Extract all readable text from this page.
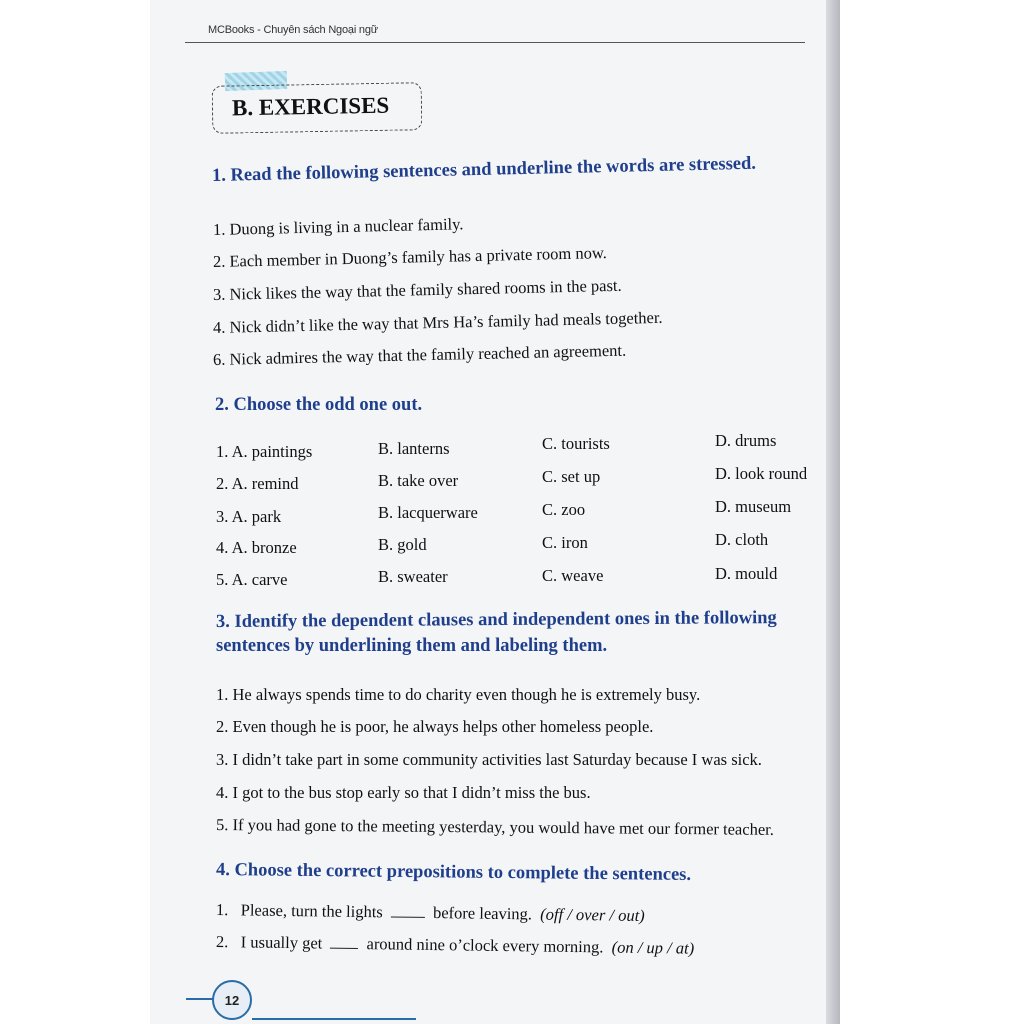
MCBooks - Chuyên sách Ngoại ngữ
B. EXERCISES
1. Read the following sentences and underline the words are stressed.
1. Duong is living in a nuclear family.
2. Each member in Duong’s family has a private room now.
3. Nick likes the way that the family shared rooms in the past.
4. Nick didn’t like the way that Mrs Ha’s family had meals together.
6. Nick admires the way that the family reached an agreement.
2. Choose the odd one out.
1. A. paintings	B. lanterns	C. tourists	D. drums
2. A. remind	B. take over	C. set up	D. look round
3. A. park	B. lacquerware	C. zoo	D. museum
4. A. bronze	B. gold	C. iron	D. cloth
5. A. carve	B. sweater	C. weave	D. mould
3. Identify the dependent clauses and independent ones in the following
sentences by underlining them and labeling them.
1. He always spends time to do charity even though he is extremely busy.
2. Even though he is poor, he always helps other homeless people.
3. I didn’t take part in some community activities last Saturday because I was sick.
4. I got to the bus stop early so that I didn’t miss the bus.
5. If you had gone to the meeting yesterday, you would have met our former teacher.
4. Choose the correct prepositions to complete the sentences.
1. Please, turn the lights	before leaving. (off / over / out)
2. I usually get	around nine o’clock every morning. (on / up / at)
12
